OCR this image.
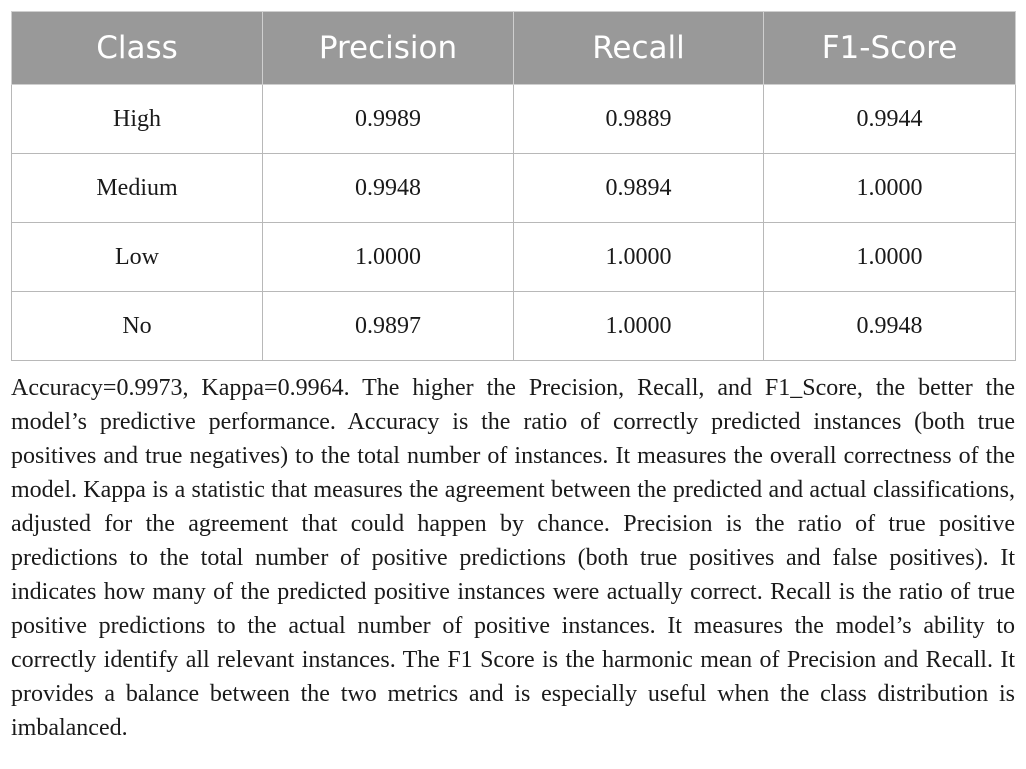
Class	Precision	Recall	F1-Score
High	0.9989	0.9889	0.9944
Medium	0.9948	0.9894	1.0000
Low	1.0000	1.0000	1.0000
No	0.9897	1.0000	0.9948

Accuracy=0.9973, Kappa=0.9964. The higher the Precision, Recall, and F1_Score, the better the model’s predictive performance. Accuracy is the ratio of correctly predicted instances (both true positives and true negatives) to the total number of instances. It measures the overall correctness of the model. Kappa is a statistic that measures the agreement between the predicted and actual classifications, adjusted for the agreement that could happen by chance. Precision is the ratio of true positive predictions to the total number of positive predictions (both true positives and false positives). It indicates how many of the predicted positive instances were actually correct. Recall is the ratio of true positive predictions to the actual number of positive instances. It measures the model’s ability to correctly identify all relevant instances. The F1 Score is the harmonic mean of Precision and Recall. It provides a balance between the two metrics and is especially useful when the class distribution is imbalanced.
